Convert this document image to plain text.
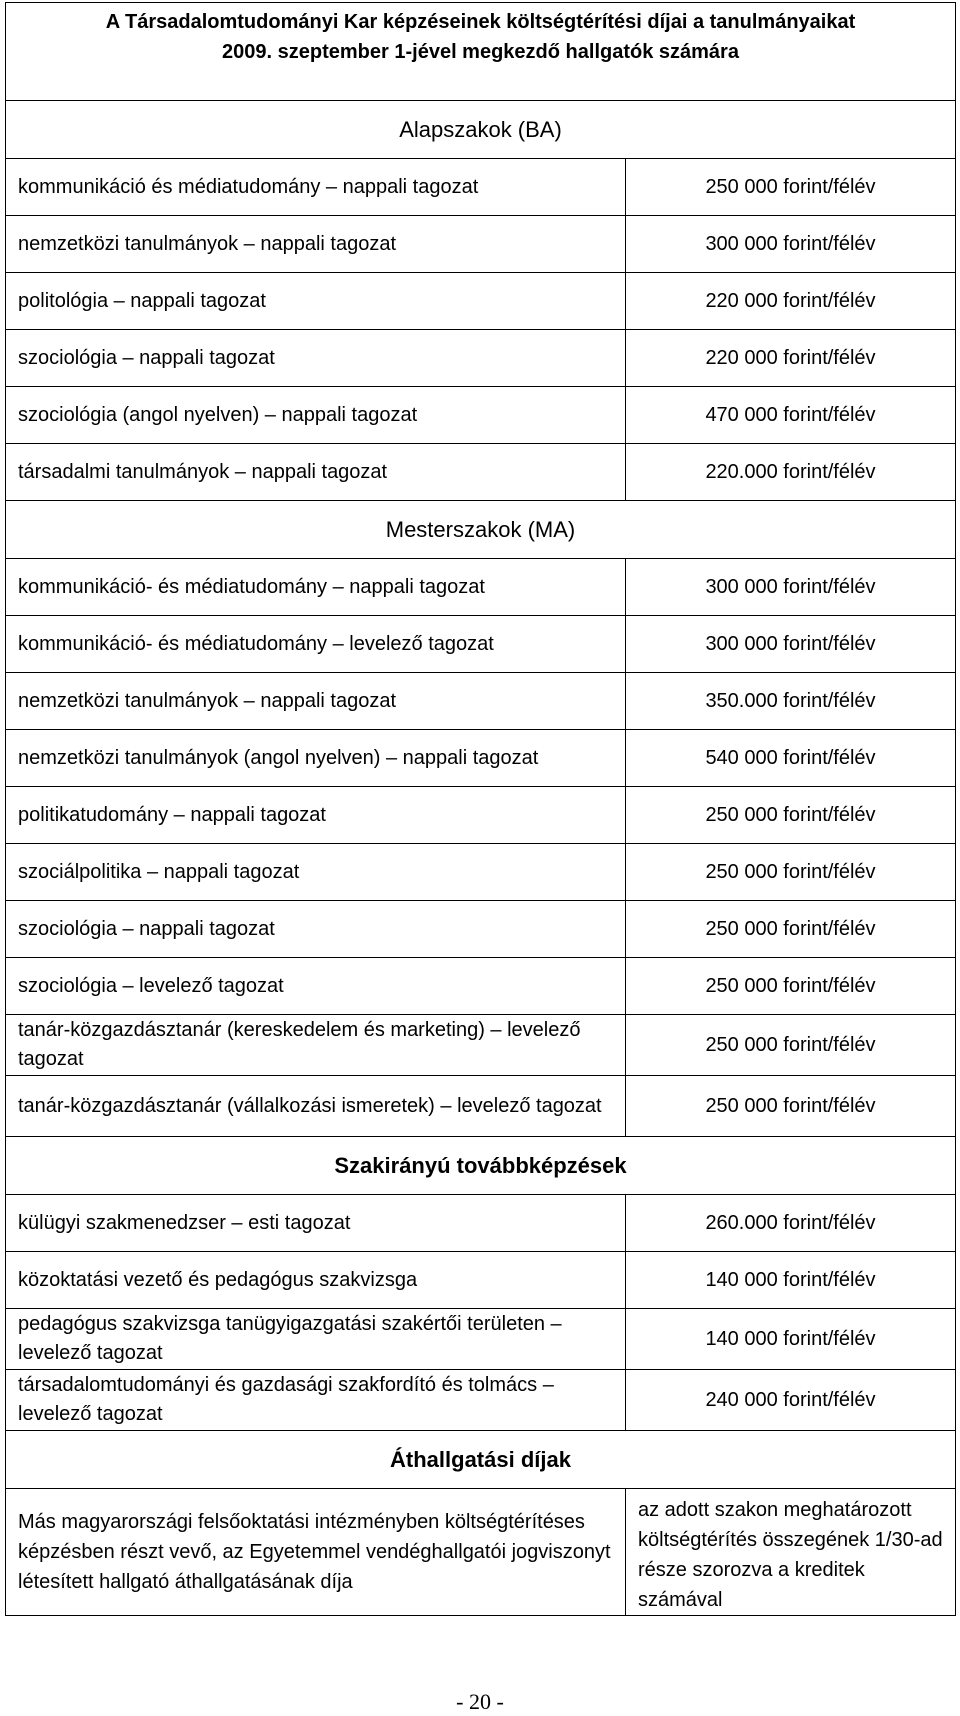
A Társadalomtudományi Kar képzéseinek költségtérítési díjai a tanulmányaikat
2009. szeptember 1-jével megkezdő hallgatók számára	

Alapszakok (BA)	
kommunikáció és médiatudomány – nappali tagozat	250 000 forint/félév
nemzetközi tanulmányok – nappali tagozat	300 000 forint/félév
politológia – nappali tagozat	220 000 forint/félév
szociológia – nappali tagozat	220 000 forint/félév
szociológia (angol nyelven) – nappali tagozat	470 000 forint/félév
társadalmi tanulmányok – nappali tagozat	220.000 forint/félév
Mesterszakok (MA)	
kommunikáció- és médiatudomány – nappali tagozat	300 000 forint/félév
kommunikáció- és médiatudomány – levelező tagozat	300 000 forint/félév
nemzetközi tanulmányok – nappali tagozat	350.000 forint/félév
nemzetközi tanulmányok (angol nyelven) – nappali tagozat	540 000 forint/félév
politikatudomány – nappali tagozat	250 000 forint/félév
szociálpolitika – nappali tagozat	250 000 forint/félév
szociológia – nappali tagozat	250 000 forint/félév
szociológia – levelező tagozat	250 000 forint/félév
tanár-közgazdásztanár (kereskedelem és marketing) – levelező tagozat	250 000 forint/félév
tanár-közgazdásztanár (vállalkozási ismeretek) – levelező tagozat	250 000 forint/félév
Szakirányú továbbképzések	
külügyi szakmenedzser – esti tagozat	260.000 forint/félév
közoktatási vezető és pedagógus szakvizsga	140 000 forint/félév
pedagógus szakvizsga tanügyigazgatási szakértői területen – levelező tagozat	140 000 forint/félév
társadalomtudományi és gazdasági szakfordító és tolmács – levelező tagozat	240 000 forint/félév
Áthallgatási díjak	
Más magyarországi felsőoktatási intézményben költségtérítéses képzésben részt vevő, az Egyetemmel vendéghallgatói jogviszonyt létesített hallgató áthallgatásának díja	az adott szakon meghatározott költségtérítés összegének 1/30-ad része szorozva a kreditek számával
- 20 -
